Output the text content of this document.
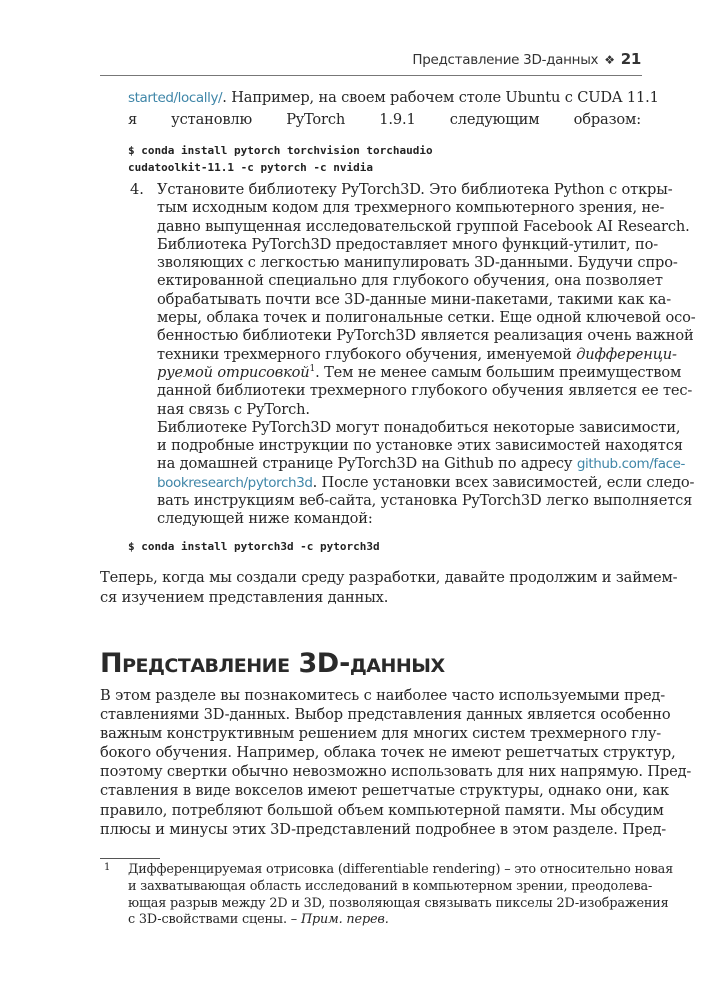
Представление 3D-данных ❖ 21
started/locally/. Например, на своем рабочем столе Ubuntu с CUDA 11.1
я установлю PyTorch 1.9.1 следующим образом:
$ conda install pytorch torchvision torchaudio
cudatoolkit-11.1 -c pytorch -c nvidia
4. Установите библиотеку PyTorch3D. Это библиотека Python с откры-
тым исходным кодом для трехмерного компьютерного зрения, не-
давно выпущенная исследовательской группой Facebook AI Research.
Библиотека PyTorch3D предоставляет много функций-утилит, по-
зволяющих с легкостью манипулировать 3D-данными. Будучи спро-
ектированной специально для глубокого обучения, она позволяет
обрабатывать почти все 3D-данные мини-пакетами, такими как ка-
меры, облака точек и полигональные сетки. Еще одной ключевой осо-
бенностью библиотеки PyTorch3D является реализация очень важной
техники трехмерного глубокого обучения, именуемой дифференци-
руемой отрисовкой$^1$. Тем не менее самым большим преимуществом
данной библиотеки трехмерного глубокого обучения является ее тес-
ная связь с PyTorch.
Библиотеке PyTorch3D могут понадобиться некоторые зависимости,
и подробные инструкции по установке этих зависимостей находятся
на домашней странице PyTorch3D на Github по адресу github.com/face-
bookresearch/pytorch3d. После установки всех зависимостей, если следо-
вать инструкциям веб-сайта, установка PyTorch3D легко выполняется
следующей ниже командой:
$ conda install pytorch3d -c pytorch3d
Теперь, когда мы создали среду разработки, давайте продолжим и займем-
ся изучением представления данных.
Представление 3D-данных
В этом разделе вы познакомитесь с наиболее часто используемыми пред-
ставлениями 3D-данных. Выбор представления данных является особенно
важным конструктивным решением для многих систем трехмерного глу-
бокого обучения. Например, облака точек не имеют решетчатых структур,
поэтому свертки обычно невозможно использовать для них напрямую. Пред-
ставления в виде вокселов имеют решетчатые структуры, однако они, как
правило, потребляют большой объем компьютерной памяти. Мы обсудим
плюсы и минусы этих 3D-представлений подробнее в этом разделе. Пред-
1 Дифференцируемая отрисовка (differentiable rendering) – это относительно новая
и захватывающая область исследований в компьютерном зрении, преодолева-
ющая разрыв между 2D и 3D, позволяющая связывать пикселы 2D-изображения
с 3D-свойствами сцены. – Прим. перев.
